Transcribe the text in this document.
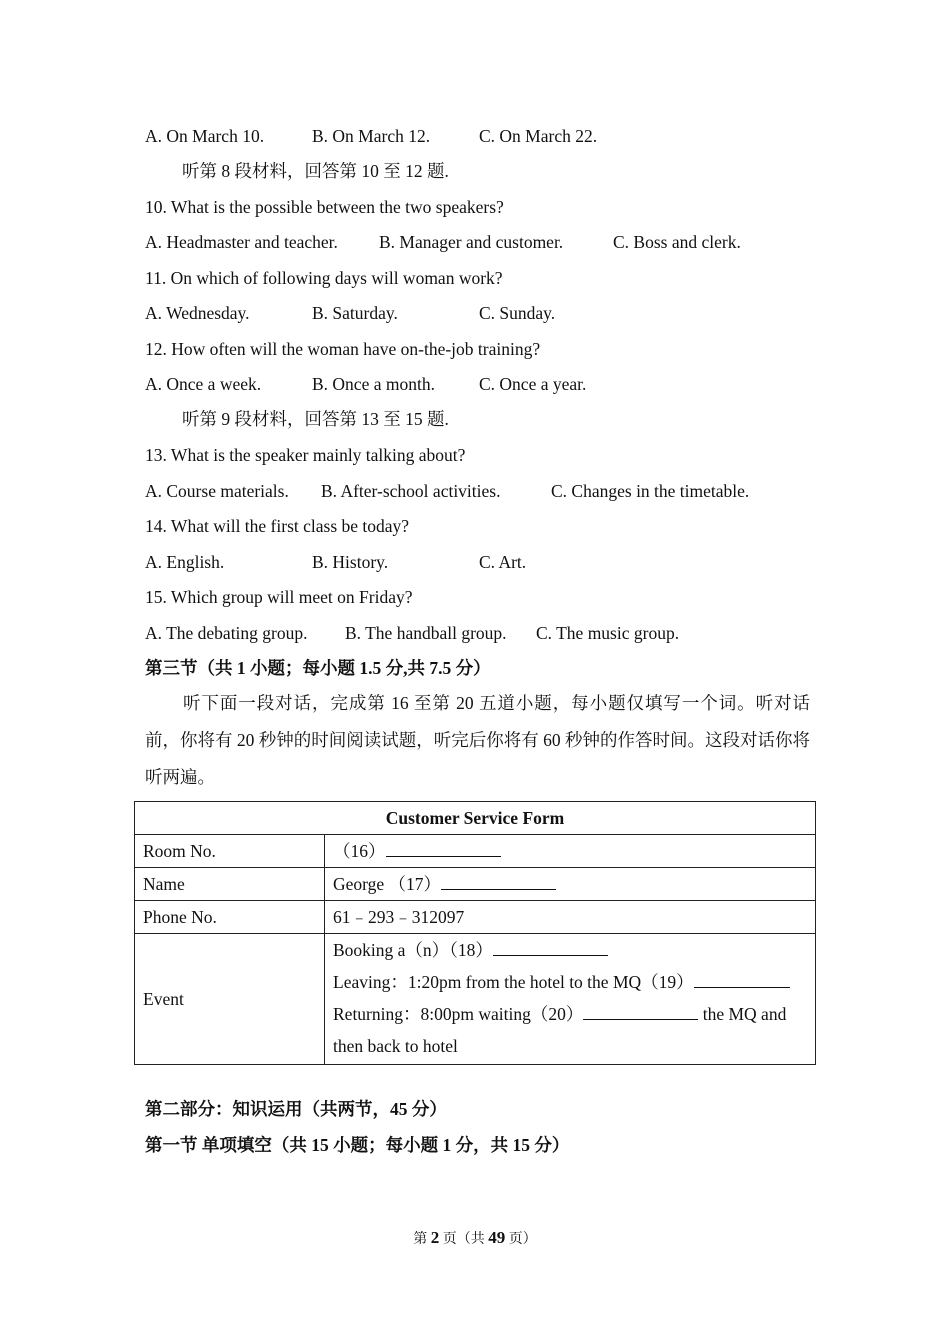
A. On March 10.	B. On March 12.	C. On March 22.
听第 8 段材料，回答第 10 至 12 题.
10. What is the possible between the two speakers?
A. Headmaster and teacher. B. Manager and customer.	C. Boss and clerk.
11. On which of following days will woman work?
A. Wednesday.	B. Saturday.	C. Sunday.
12. How often will the woman have on-the-job training?
A. Once a week.	B. Once a month.	C. Once a year.
听第 9 段材料，回答第 13 至 15 题.
13. What is the speaker mainly talking about?
A. Course materials. B. After-school activities.	C. Changes in the timetable.
14. What will the first class be today?
A. English.	B. History.	C. Art.
15. Which group will meet on Friday?
A. The debating group. B. The handball group. C. The music group.
第三节（共 1 小题；每小题 1.5 分,共 7.5 分）
听下面一段对话，完成第 16 至第 20 五道小题，每小题仅填写一个词。听对话前，你将有 20 秒钟的时间阅读试题，听完后你将有 60 秒钟的作答时间。这段对话你将听两遍。
Customer Service Form	
Room No.	（16）
Name	George （17）
Phone No.	61﹣293﹣312097
Event	Booking a（n）（18）
Leaving：1:20pm from the hotel to the MQ（19）
Returning：8:00pm waiting（20） the MQ and then back to hotel
第二部分：知识运用（共两节，45 分）
第一节 单项填空（共 15 小题；每小题 1 分，共 15 分）
第 2 页（共 49 页）
